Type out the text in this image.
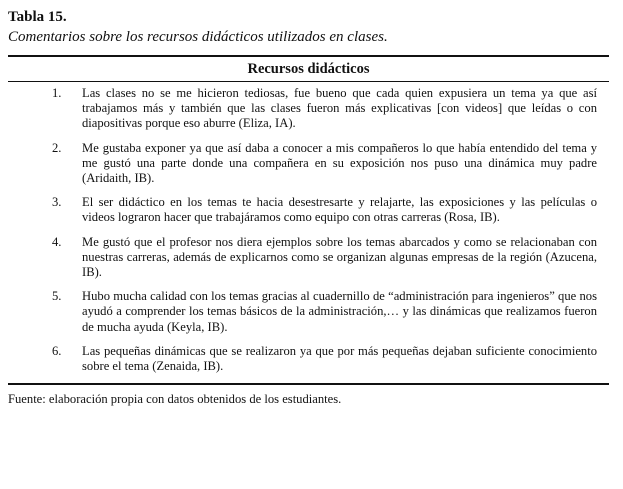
Tabla 15.

Comentarios sobre los recursos didácticos utilizados en clases.

Recursos didácticos
1.	Las clases no se me hicieron tediosas, fue bueno que cada quien expusiera un tema ya que así trabajamos más y también que las clases fueron más explicativas [con videos] que leídas o con diapositivas porque eso aburre (Eliza, IA).
2.	Me gustaba exponer ya que así daba a conocer a mis compañeros lo que había entendido del tema y me gustó una parte donde una compañera en su exposición nos puso una dinámica muy padre (Aridaith, IB).
3.	El ser didáctico en los temas te hacia desestresarte y relajarte, las exposiciones y las películas o videos lograron hacer que trabajáramos como equipo con otras carreras (Rosa, IB).
4.	Me gustó que el profesor nos diera ejemplos sobre los temas abarcados y como se relacionaban con nuestras carreras, además de explicarnos como se organizan algunas empresas de la región (Azucena, IB).
5.	Hubo mucha calidad con los temas gracias al cuadernillo de “administración para ingenieros” que nos ayudó a comprender los temas básicos de la administración,… y las dinámicas que realizamos fueron de mucha ayuda (Keyla, IB).
6.	Las pequeñas dinámicas que se realizaron ya que por más pequeñas dejaban suficiente conocimiento sobre el tema (Zenaida, IB).

Fuente: elaboración propia con datos obtenidos de los estudiantes.
